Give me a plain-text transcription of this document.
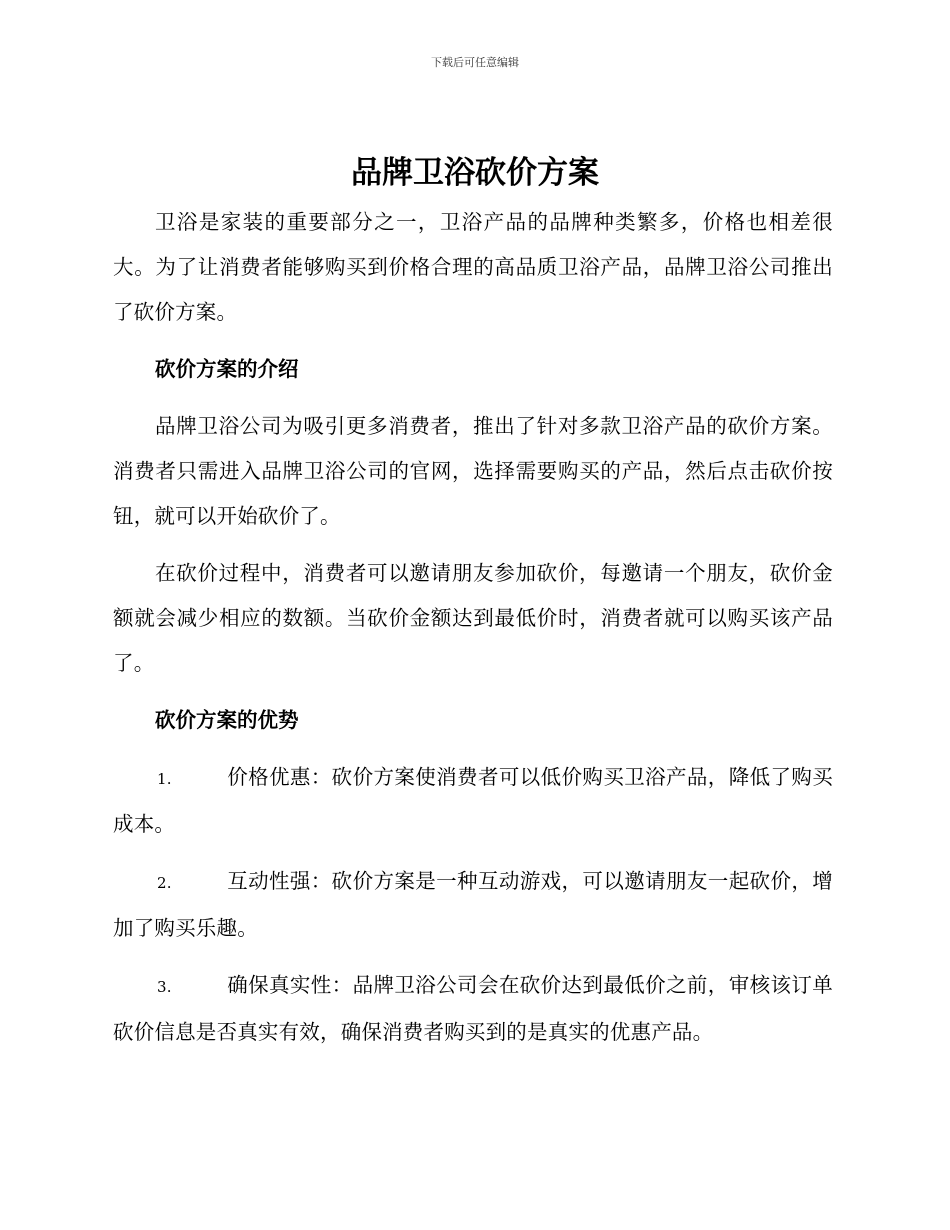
下载后可任意编辑
品牌卫浴砍价方案

卫浴是家装的重要部分之一，卫浴产品的品牌种类繁多，价格也相差很大。为了让消费者能够购买到价格合理的高品质卫浴产品，品牌卫浴公司推出了砍价方案。

砍价方案的介绍

品牌卫浴公司为吸引更多消费者，推出了针对多款卫浴产品的砍价方案。消费者只需进入品牌卫浴公司的官网，选择需要购买的产品，然后点击砍价按钮，就可以开始砍价了。

在砍价过程中，消费者可以邀请朋友参加砍价，每邀请一个朋友，砍价金额就会减少相应的数额。当砍价金额达到最低价时，消费者就可以购买该产品了。

砍价方案的优势

1.	价格优惠：砍价方案使消费者可以低价购买卫浴产品，降低了购买成本。

2.	互动性强：砍价方案是一种互动游戏，可以邀请朋友一起砍价，增加了购买乐趣。

3.	确保真实性：品牌卫浴公司会在砍价达到最低价之前，审核该订单砍价信息是否真实有效，确保消费者购买到的是真实的优惠产品。
